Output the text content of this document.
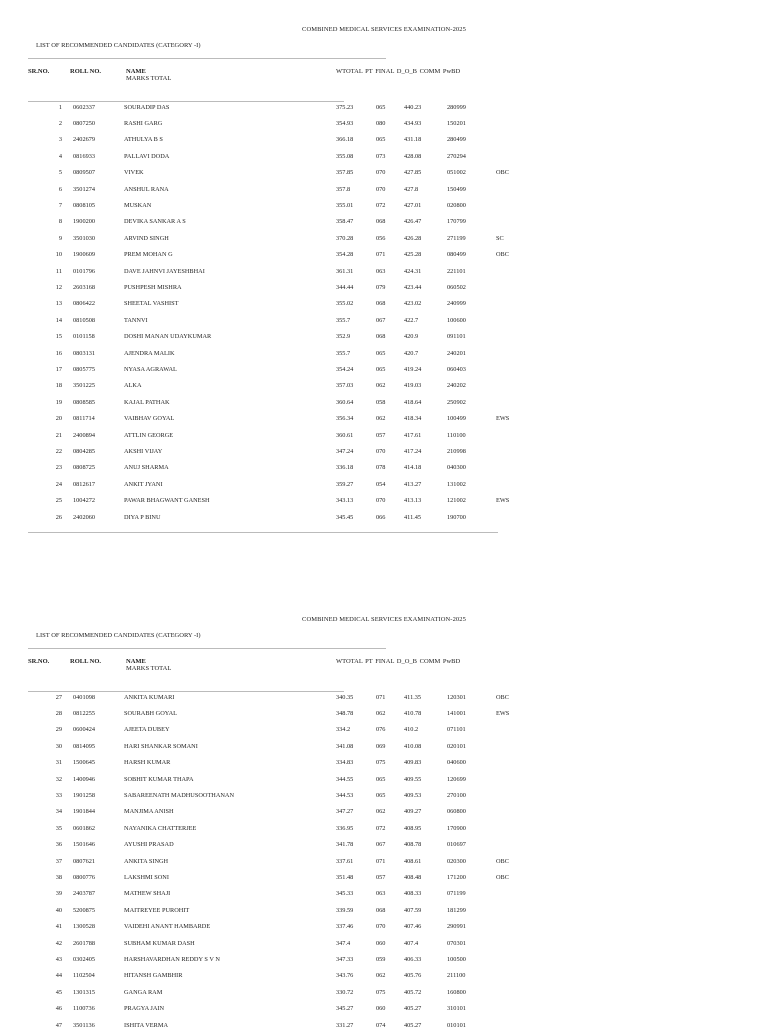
COMBINED MEDICAL SERVICES EXAMINATION-2025
LIST OF RECOMMENDED CANDIDATES (CATEGORY -I)
SR.NO.	ROLL NO.	NAME
MARKS TOTAL
WTOTAL PT FINAL D_O_B COMM PwBD
1 0602337	SOURADIP DAS	375.23	065	440.23	280999
2 0807250	RASHI GARG	354.93	080	434.93	150201
3 2402679	ATHULYA B S	366.18	065	431.18	280499
4 0816933	PALLAVI DODA	355.08	073	428.08	270294
5 0809507	VIVEK	357.85	070	427.85	051002	OBC
6 3501274	ANSHUL RANA	357.8	070	427.8	150499
7 0808105	MUSKAN	355.01	072	427.01	020800
8 1900200	DEVIKA SANKAR A S	358.47	068	426.47	170799
9 3501030	ARVIND SINGH	370.28	056	426.28	271199	SC
10 1900609	PREM MOHAN G	354.28	071	425.28	080499	OBC
11 0101796	DAVE JAHNVI JAYESHBHAI	361.31	063	424.31	221101
12 2603168	PUSHPESH MISHRA	344.44	079	423.44	060502
13 0806422	SHEETAL VASHIST	355.02	068	423.02	240999
14 0810508	TANNVI	355.7	067	422.7	100600
15 0101158	DOSHI MANAN UDAYKUMAR	352.9	068	420.9	091101
16 0803131	AJENDRA MALIK	355.7	065	420.7	240201
17 0805775	NYASA AGRAWAL	354.24	065	419.24	060403
18 3501225	ALKA	357.03	062	419.03	240202
19 0808585	KAJAL PATHAK	360.64	058	418.64	250902
20 0811714	VAIBHAV GOYAL	356.34	062	418.34	100499	EWS
21 2400894	ATTLIN GEORGE	360.61	057	417.61	110100
22 0804285	AKSHI VIJAY	347.24	070	417.24	210998
23 0808725	ANUJ SHARMA	336.18	078	414.18	040300
24 0812617	ANKIT JYANI	359.27	054	413.27	131002
25 1004272	PAWAR BHAGWANT GANESH	343.13	070	413.13	121002	EWS
26 2402060	DIYA P BINU	345.45	066	411.45	190700
COMBINED MEDICAL SERVICES EXAMINATION-2025
LIST OF RECOMMENDED CANDIDATES (CATEGORY -I)
SR.NO.	ROLL NO.	NAME
MARKS TOTAL
WTOTAL PT FINAL D_O_B COMM PwBD
27 0401098	ANKITA KUMARI	340.35	071	411.35	120301	OBC
28 0812255	SOURABH GOYAL	348.78	062	410.78	141001	EWS
29 0600424	AJEETA DUBEY	334.2	076	410.2	071101
30 0814095	HARI SHANKAR SOMANI	341.08	069	410.08	020101
31 1500645	HARSH KUMAR	334.83	075	409.83	040600
32 1400946	SOBHIT KUMAR THAPA	344.55	065	409.55	120699
33 1901258	SABAREENATH MADHUSOOTHANAN	344.53	065	409.53	270100
34 1901844	MANJIMA ANISH	347.27	062	409.27	060800
35 0601862	NAYANIKA CHATTERJEE	336.95	072	408.95	170900
36 1501646	AYUSHI PRASAD	341.78	067	408.78	010697
37 0807621	ANKITA SINGH	337.61	071	408.61	020300	OBC
38 0800776	LAKSHMI SONI	351.48	057	408.48	171200	OBC
39 2403787	MATHEW SHAJI	345.33	063	408.33	071199
40 5200875	MAITREYEE PUROHIT	339.59	068	407.59	181299
41 1300528	VAIDEHI ANANT HAMBARDE	337.46	070	407.46	290991
42 2601788	SUBHAM KUMAR DASH	347.4	060	407.4	070301
43 0302405	HARSHAVARDHAN REDDY S V N	347.33	059	406.33	100500
44 1102504	HITANSH GAMBHIR	343.76	062	405.76	211100
45 1301315	GANGA RAM	330.72	075	405.72	160800
46 1100736	PRAGYA JAIN	345.27	060	405.27	310101
47 3501136	ISHITA VERMA	331.27	074	405.27	010101
